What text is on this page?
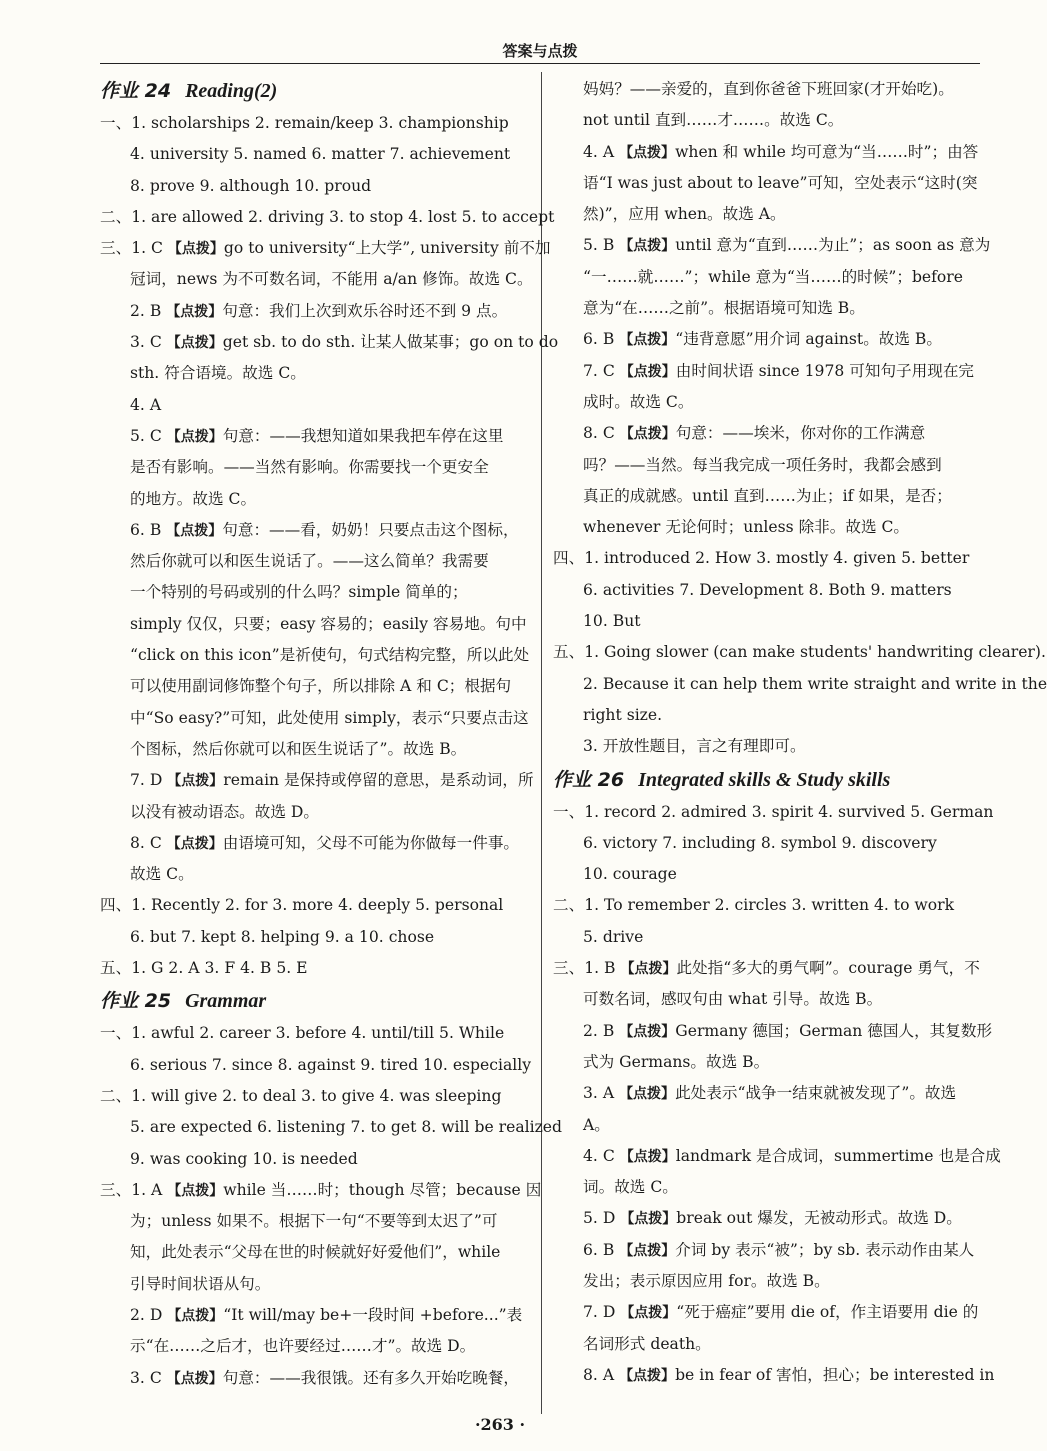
答案与点拨
作业 24 Reading(2)
一、1. scholarships 2. remain/keep 3. championship
4. university 5. named 6. matter 7. achievement
8. prove 9. although 10. proud
二、1. are allowed 2. driving 3. to stop 4. lost 5. to accept
三、1. C 【点拨】go to university“上大学”, university 前不加
冠词，news 为不可数名词，不能用 a/an 修饰。故选 C。
2. B 【点拨】句意：我们上次到欢乐谷时还不到 9 点。
3. C 【点拨】get sb. to do sth. 让某人做某事；go on to do
sth. 符合语境。故选 C。
4. A
5. C 【点拨】句意：——我想知道如果我把车停在这里
是否有影响。——当然有影响。你需要找一个更安全
的地方。故选 C。
6. B 【点拨】句意：——看，奶奶！只要点击这个图标，
然后你就可以和医生说话了。——这么简单？我需要
一个特别的号码或别的什么吗？simple 简单的；
simply 仅仅，只要；easy 容易的；easily 容易地。句中
“click on this icon”是祈使句，句式结构完整，所以此处
可以使用副词修饰整个句子，所以排除 A 和 C；根据句
中“So easy?”可知，此处使用 simply，表示“只要点击这
个图标，然后你就可以和医生说话了”。故选 B。
7. D 【点拨】remain 是保持或停留的意思，是系动词，所
以没有被动语态。故选 D。
8. C 【点拨】由语境可知，父母不可能为你做每一件事。
故选 C。
四、1. Recently 2. for 3. more 4. deeply 5. personal
6. but 7. kept 8. helping 9. a 10. chose
五、1. G 2. A 3. F 4. B 5. E
作业 25 Grammar
一、1. awful 2. career 3. before 4. until/till 5. While
6. serious 7. since 8. against 9. tired 10. especially
二、1. will give 2. to deal 3. to give 4. was sleeping
5. are expected 6. listening 7. to get 8. will be realized
9. was cooking 10. is needed
三、1. A 【点拨】while 当……时；though 尽管；because 因
为；unless 如果不。根据下一句“不要等到太迟了”可
知，此处表示“父母在世的时候就好好爱他们”，while
引导时间状语从句。
2. D 【点拨】“It will/may be+一段时间 +before...”表
示“在……之后才，也许要经过……才”。故选 D。
3. C 【点拨】句意：——我很饿。还有多久开始吃晚餐，
妈妈？——亲爱的，直到你爸爸下班回家(才开始吃)。
not until 直到……才……。故选 C。
4. A 【点拨】when 和 while 均可意为“当……时”；由答
语“I was just about to leave”可知，空处表示“这时(突
然)”，应用 when。故选 A。
5. B 【点拨】until 意为“直到……为止”；as soon as 意为
“一……就……”；while 意为“当……的时候”；before
意为“在……之前”。根据语境可知选 B。
6. B 【点拨】“违背意愿”用介词 against。故选 B。
7. C 【点拨】由时间状语 since 1978 可知句子用现在完
成时。故选 C。
8. C 【点拨】句意：——埃米，你对你的工作满意
吗？——当然。每当我完成一项任务时，我都会感到
真正的成就感。until 直到……为止；if 如果，是否；
whenever 无论何时；unless 除非。故选 C。
四、1. introduced 2. How 3. mostly 4. given 5. better
6. activities 7. Development 8. Both 9. matters
10. But
五、1. Going slower (can make students' handwriting clearer).
2. Because it can help them write straight and write in the
right size.
3. 开放性题目，言之有理即可。
作业 26 Integrated skills & Study skills
一、1. record 2. admired 3. spirit 4. survived 5. German
6. victory 7. including 8. symbol 9. discovery
10. courage
二、1. To remember 2. circles 3. written 4. to work
5. drive
三、1. B 【点拨】此处指“多大的勇气啊”。courage 勇气，不
可数名词，感叹句由 what 引导。故选 B。
2. B 【点拨】Germany 德国；German 德国人，其复数形
式为 Germans。故选 B。
3. A 【点拨】此处表示“战争一结束就被发现了”。故选
A。
4. C 【点拨】landmark 是合成词，summertime 也是合成
词。故选 C。
5. D 【点拨】break out 爆发，无被动形式。故选 D。
6. B 【点拨】介词 by 表示“被”；by sb. 表示动作由某人
发出；表示原因应用 for。故选 B。
7. D 【点拨】“死于癌症”要用 die of，作主语要用 die 的
名词形式 death。
8. A 【点拨】be in fear of 害怕，担心；be interested in
·263 ·
